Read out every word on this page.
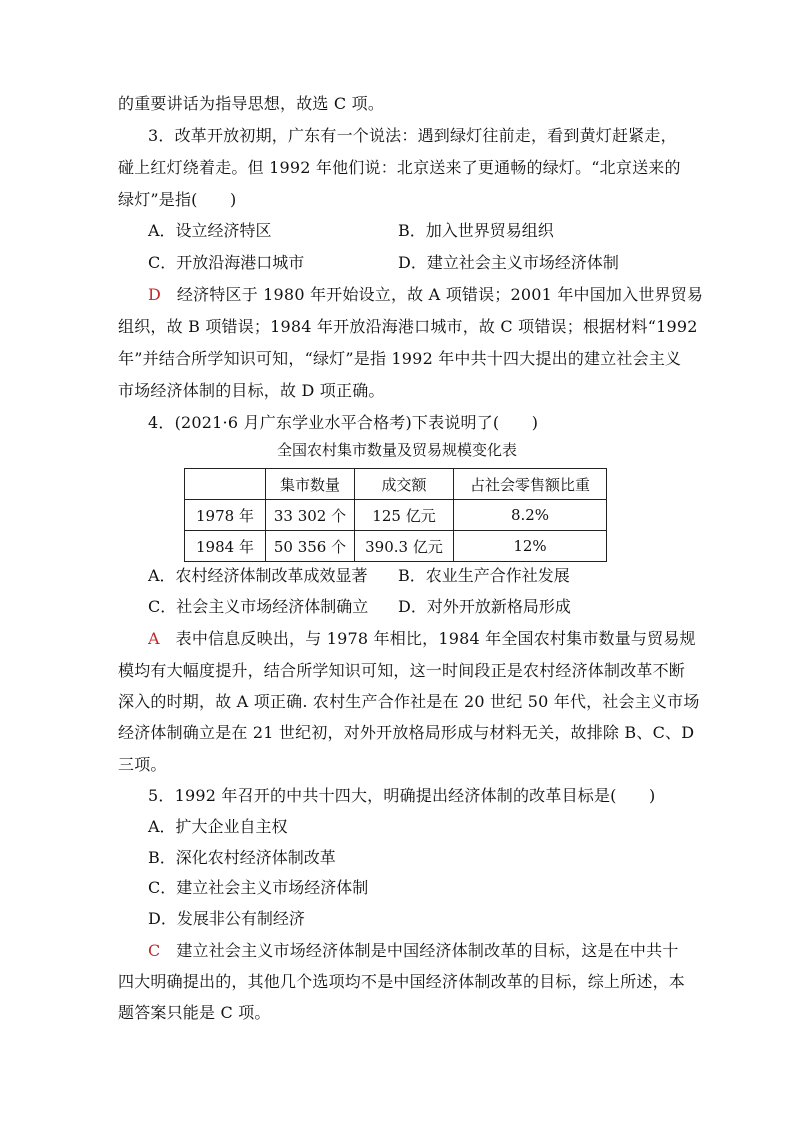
的重要讲话为指导思想，故选 C 项。
3．改革开放初期，广东有一个说法：遇到绿灯往前走，看到黄灯赶紧走，
碰上红灯绕着走。但 1992 年他们说：北京送来了更通畅的绿灯。“北京送来的
绿灯”是指(　　)
A．设立经济特区	B．加入世界贸易组织
C．开放沿海港口城市	D．建立社会主义市场经济体制
D 经济特区于 1980 年开始设立，故 A 项错误；2001 年中国加入世界贸易
组织，故 B 项错误；1984 年开放沿海港口城市，故 C 项错误；根据材料“1992
年”并结合所学知识可知，“绿灯”是指 1992 年中共十四大提出的建立社会主义
市场经济体制的目标，故 D 项正确。
4．(2021·6 月广东学业水平合格考)下表说明了(　　)
全国农村集市数量及贸易规模变化表
	集市数量	成交额	占社会零售额比重
1978 年	33 302 个	125 亿元	8.2%
1984 年	50 356 个	390.3 亿元	12%
A．农村经济体制改革成效显著 B．农业生产合作社发展
C．社会主义市场经济体制确立 D．对外开放新格局形成
A 表中信息反映出，与 1978 年相比，1984 年全国农村集市数量与贸易规
模均有大幅度提升，结合所学知识可知，这一时间段正是农村经济体制改革不断
深入的时期，故 A 项正确. 农村生产合作社是在 20 世纪 50 年代，社会主义市场
经济体制确立是在 21 世纪初，对外开放格局形成与材料无关，故排除 B、C、D
三项。
5．1992 年召开的中共十四大，明确提出经济体制的改革目标是(　　)
A．扩大企业自主权
B．深化农村经济体制改革
C．建立社会主义市场经济体制
D．发展非公有制经济
C 建立社会主义市场经济体制是中国经济体制改革的目标，这是在中共十
四大明确提出的，其他几个选项均不是中国经济体制改革的目标，综上所述，本
题答案只能是 C 项。
